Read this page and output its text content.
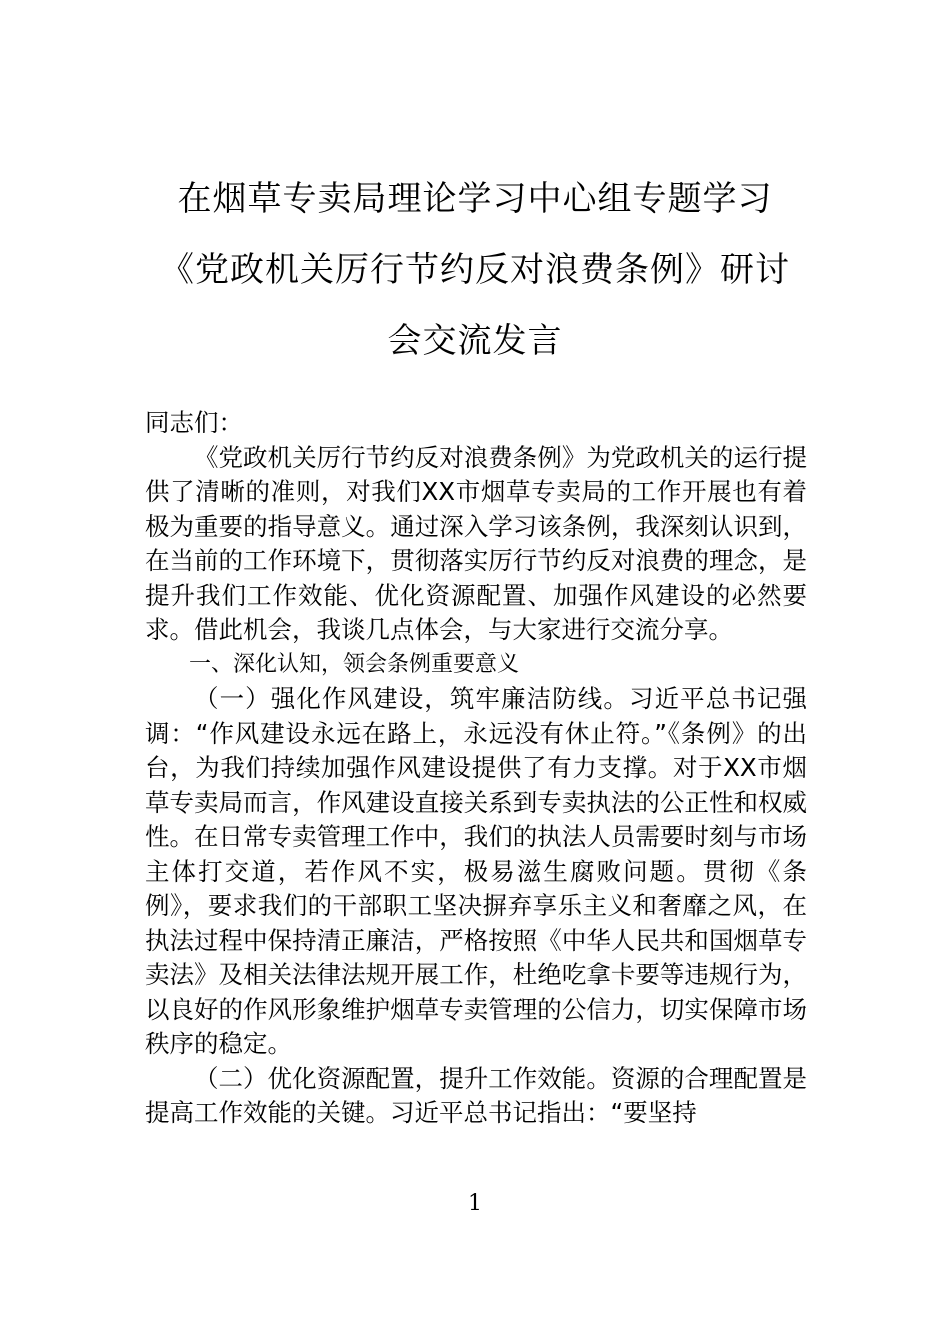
在烟草专卖局理论学习中心组专题学习
《党政机关厉行节约反对浪费条例》研讨
会交流发言

同志们：

《党政机关厉行节约反对浪费条例》为党政机关的运行提供了清晰的准则，对我们XX市烟草专卖局的工作开展也有着极为重要的指导意义。通过深入学习该条例，我深刻认识到，在当前的工作环境下，贯彻落实厉行节约反对浪费的理念，是提升我们工作效能、优化资源配置、加强作风建设的必然要求。借此机会，我谈几点体会，与大家进行交流分享。

一、深化认知，领会条例重要意义

（一）强化作风建设，筑牢廉洁防线。习近平总书记强调：“作风建设永远在路上，永远没有休止符。”《条例》的出台，为我们持续加强作风建设提供了有力支撑。对于XX市烟草专卖局而言，作风建设直接关系到专卖执法的公正性和权威性。在日常专卖管理工作中，我们的执法人员需要时刻与市场主体打交道，若作风不实，极易滋生腐败问题。贯彻《条例》，要求我们的干部职工坚决摒弃享乐主义和奢靡之风，在执法过程中保持清正廉洁，严格按照《中华人民共和国烟草专卖法》及相关法律法规开展工作，杜绝吃拿卡要等违规行为，以良好的作风形象维护烟草专卖管理的公信力，切实保障市场秩序的稳定。

（二）优化资源配置，提升工作效能。资源的合理配置是提高工作效能的关键。习近平总书记指出：“要坚持

1
